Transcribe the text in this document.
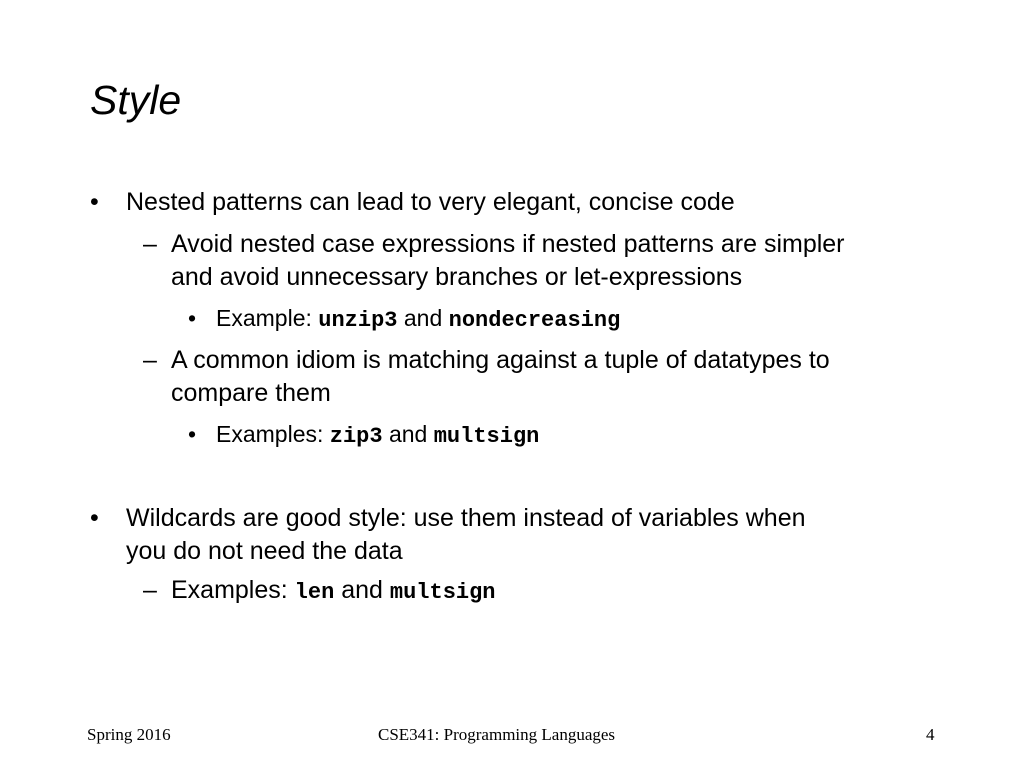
Style
• Nested patterns can lead to very elegant, concise code
– Avoid nested case expressions if nested patterns are simpler
and avoid unnecessary branches or let-expressions
• Example: unzip3 and nondecreasing
– A common idiom is matching against a tuple of datatypes to
compare them
• Examples: zip3 and multsign
• Wildcards are good style: use them instead of variables when
you do not need the data
– Examples: len and multsign
Spring 2016	CSE341: Programming Languages	4
